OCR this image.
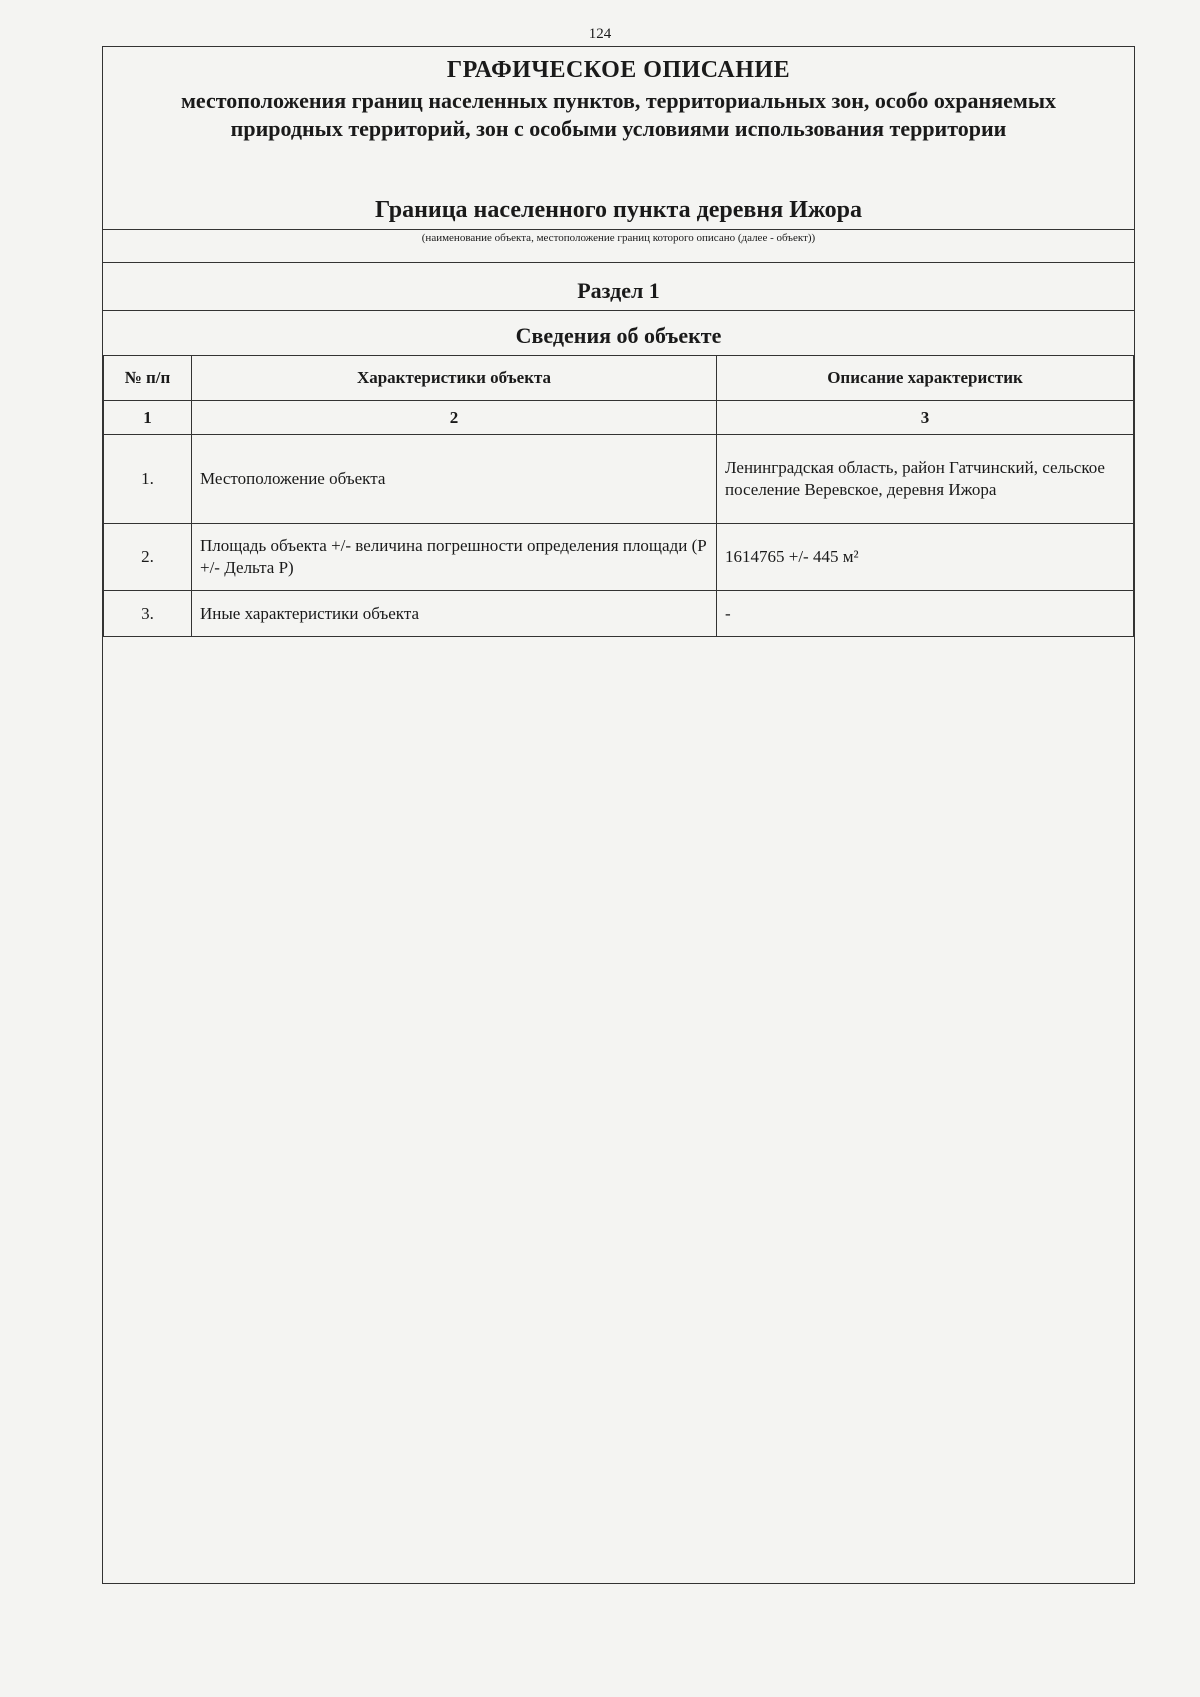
124
ГРАФИЧЕСКОЕ ОПИСАНИЕ
местоположения границ населенных пунктов, территориальных зон, особо охраняемых природных территорий, зон с особыми условиями использования территории
Граница населенного пункта деревня Ижора
(наименование объекта, местоположение границ которого описано (далее - объект))
Раздел 1
Сведения об объекте
№ п/п	Характеристики объекта	Описание характеристик
1	2	3
1.	Местоположение объекта	Ленинградская область, район Гатчинский, сельское поселение Веревское, деревня Ижора
2.	Площадь объекта +/- величина погрешности определения площади (P +/- Дельта P)	1614765 +/- 445 м²
3.	Иные характеристики объекта	-
